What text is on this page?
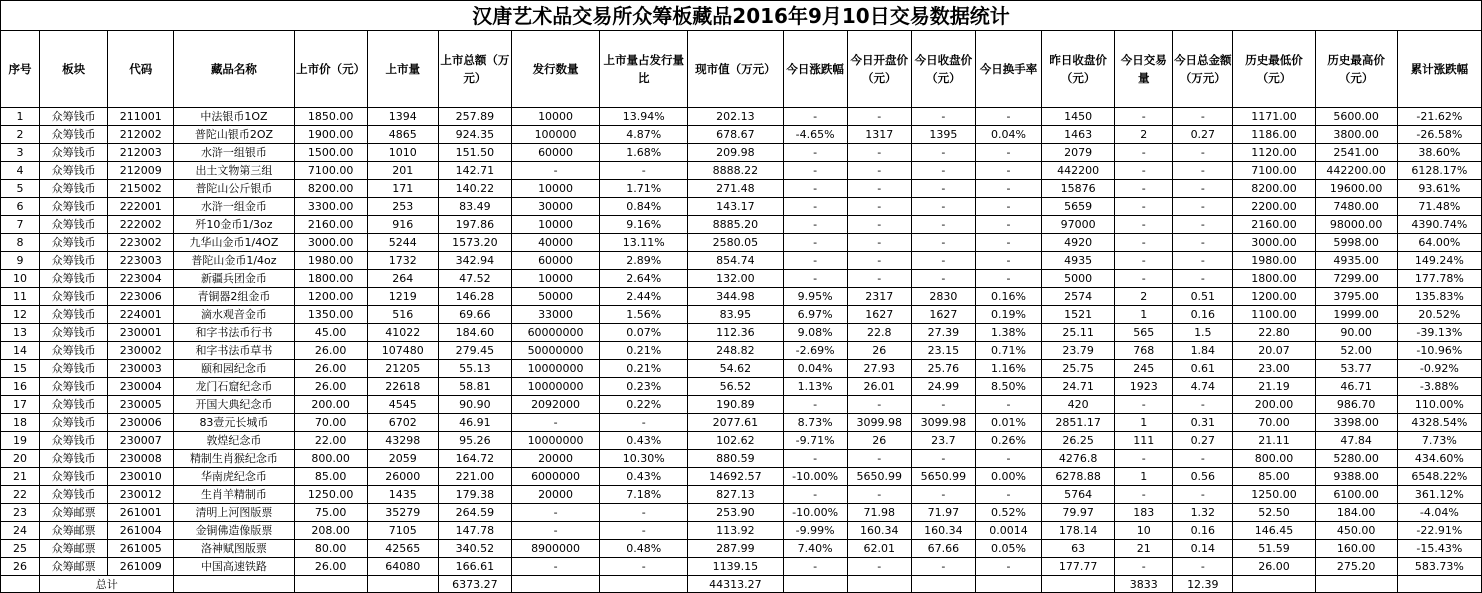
汉唐艺术品交易所众筹板藏品2016年9月10日交易数据统计
序号	板块	代码	藏品名称	上市价（元）	上市量	上市总额（万元）	发行数量	上市量占发行量比	现市值（万元）	今日涨跌幅	今日开盘价（元）	今日收盘价（元）	今日换手率	昨日收盘价（元）	今日交易量	今日总金额（万元）	历史最低价（元）	历史最高价（元）	累计涨跌幅
1	众筹钱币	211001	中法银币1OZ	1850.00	1394	257.89	10000	13.94%	202.13	-	-	-	-	1450	-	-	1171.00	5600.00	-21.62%
2	众筹钱币	212002	普陀山银币2OZ	1900.00	4865	924.35	100000	4.87%	678.67	-4.65%	1317	1395	0.04%	1463	2	0.27	1186.00	3800.00	-26.58%
3	众筹钱币	212003	水浒一组银币	1500.00	1010	151.50	60000	1.68%	209.98	-	-	-	-	2079	-	-	1120.00	2541.00	38.60%
4	众筹钱币	212009	出土文物第三组	7100.00	201	142.71	-	-	8888.22	-	-	-	-	442200	-	-	7100.00	442200.00	6128.17%
5	众筹钱币	215002	普陀山公斤银币	8200.00	171	140.22	10000	1.71%	271.48	-	-	-	-	15876	-	-	8200.00	19600.00	93.61%
6	众筹钱币	222001	水浒一组金币	3300.00	253	83.49	30000	0.84%	143.17	-	-	-	-	5659	-	-	2200.00	7480.00	71.48%
7	众筹钱币	222002	歼10金币1/3oz	2160.00	916	197.86	10000	9.16%	8885.20	-	-	-	-	97000	-	-	2160.00	98000.00	4390.74%
8	众筹钱币	223002	九华山金币1/4OZ	3000.00	5244	1573.20	40000	13.11%	2580.05	-	-	-	-	4920	-	-	3000.00	5998.00	64.00%
9	众筹钱币	223003	普陀山金币1/4oz	1980.00	1732	342.94	60000	2.89%	854.74	-	-	-	-	4935	-	-	1980.00	4935.00	149.24%
10	众筹钱币	223004	新疆兵团金币	1800.00	264	47.52	10000	2.64%	132.00	-	-	-	-	5000	-	-	1800.00	7299.00	177.78%
11	众筹钱币	223006	青铜器2组金币	1200.00	1219	146.28	50000	2.44%	344.98	9.95%	2317	2830	0.16%	2574	2	0.51	1200.00	3795.00	135.83%
12	众筹钱币	224001	滴水观音金币	1350.00	516	69.66	33000	1.56%	83.95	6.97%	1627	1627	0.19%	1521	1	0.16	1100.00	1999.00	20.52%
13	众筹钱币	230001	和字书法币行书	45.00	41022	184.60	60000000	0.07%	112.36	9.08%	22.8	27.39	1.38%	25.11	565	1.5	22.80	90.00	-39.13%
14	众筹钱币	230002	和字书法币草书	26.00	107480	279.45	50000000	0.21%	248.82	-2.69%	26	23.15	0.71%	23.79	768	1.84	20.07	52.00	-10.96%
15	众筹钱币	230003	颐和园纪念币	26.00	21205	55.13	10000000	0.21%	54.62	0.04%	27.93	25.76	1.16%	25.75	245	0.61	23.00	53.77	-0.92%
16	众筹钱币	230004	龙门石窟纪念币	26.00	22618	58.81	10000000	0.23%	56.52	1.13%	26.01	24.99	8.50%	24.71	1923	4.74	21.19	46.71	-3.88%
17	众筹钱币	230005	开国大典纪念币	200.00	4545	90.90	2092000	0.22%	190.89	-	-	-	-	420	-	-	200.00	986.70	110.00%
18	众筹钱币	230006	83壹元长城币	70.00	6702	46.91	-	-	2077.61	8.73%	3099.98	3099.98	0.01%	2851.17	1	0.31	70.00	3398.00	4328.54%
19	众筹钱币	230007	敦煌纪念币	22.00	43298	95.26	10000000	0.43%	102.62	-9.71%	26	23.7	0.26%	26.25	111	0.27	21.11	47.84	7.73%
20	众筹钱币	230008	精制生肖猴纪念币	800.00	2059	164.72	20000	10.30%	880.59	-	-	-	-	4276.8	-	-	800.00	5280.00	434.60%
21	众筹钱币	230010	华南虎纪念币	85.00	26000	221.00	6000000	0.43%	14692.57	-10.00%	5650.99	5650.99	0.00%	6278.88	1	0.56	85.00	9388.00	6548.22%
22	众筹钱币	230012	生肖羊精制币	1250.00	1435	179.38	20000	7.18%	827.13	-	-	-	-	5764	-	-	1250.00	6100.00	361.12%
23	众筹邮票	261001	清明上河图版票	75.00	35279	264.59	-	-	253.90	-10.00%	71.98	71.97	0.52%	79.97	183	1.32	52.50	184.00	-4.04%
24	众筹邮票	261004	金铜佛造像版票	208.00	7105	147.78	-	-	113.92	-9.99%	160.34	160.34	0.0014	178.14	10	0.16	146.45	450.00	-22.91%
25	众筹邮票	261005	洛神赋图版票	80.00	42565	340.52	8900000	0.48%	287.99	7.40%	62.01	67.66	0.05%	63	21	0.14	51.59	160.00	-15.43%
26	众筹邮票	261009	中国高速铁路	26.00	64080	166.61	-	-	1139.15	-	-	-	-	177.77	-	-	26.00	275.20	583.73%
	总计					6373.27			44313.27						3833	12.39			
